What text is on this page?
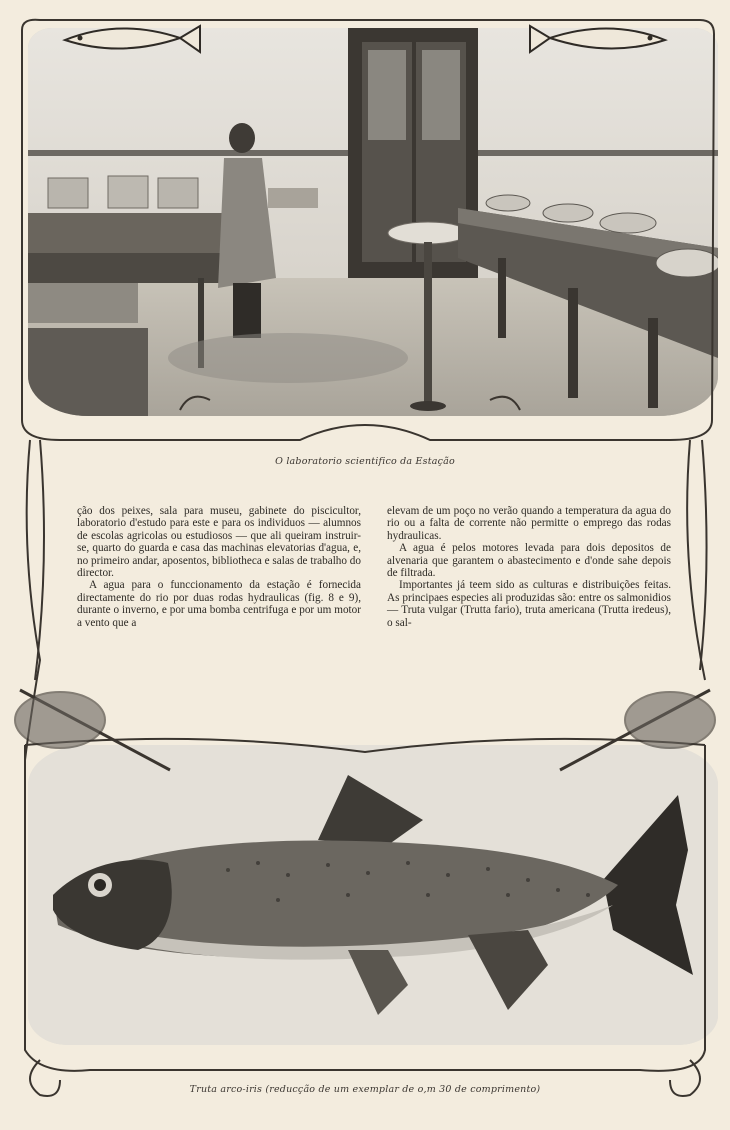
O laboratorio scientifico da Estação

ção dos peixes, sala para museu, gabinete do piscicultor, laboratorio d'estudo para este e para os individuos — alumnos de escolas agricolas ou estudiosos — que ali queiram instruir-se, quarto do guarda e casa das machinas elevatorias d'agua, e, no primeiro andar, aposentos, bibliotheca e salas de trabalho do director.

A agua para o funccionamento da estação é fornecida directamente do rio por duas rodas hydraulicas (fig. 8 e 9), durante o inverno, e por uma bomba centrifuga e por um motor a vento que a

elevam de um poço no verão quando a temperatura da agua do rio ou a falta de corrente não permitte o emprego das rodas hydraulicas.

A agua é pelos motores levada para dois depositos de alvenaria que garantem o abastecimento e d'onde sahe depois de filtrada.

Importantes já teem sido as culturas e distribuições feitas. As principaes especies ali produzidas são: entre os salmonidios — Truta vulgar (Trutta fario), truta americana (Trutta iredeus), o sal-

Truta arco-iris (reducção de um exemplar de o,m 30 de comprimento)
